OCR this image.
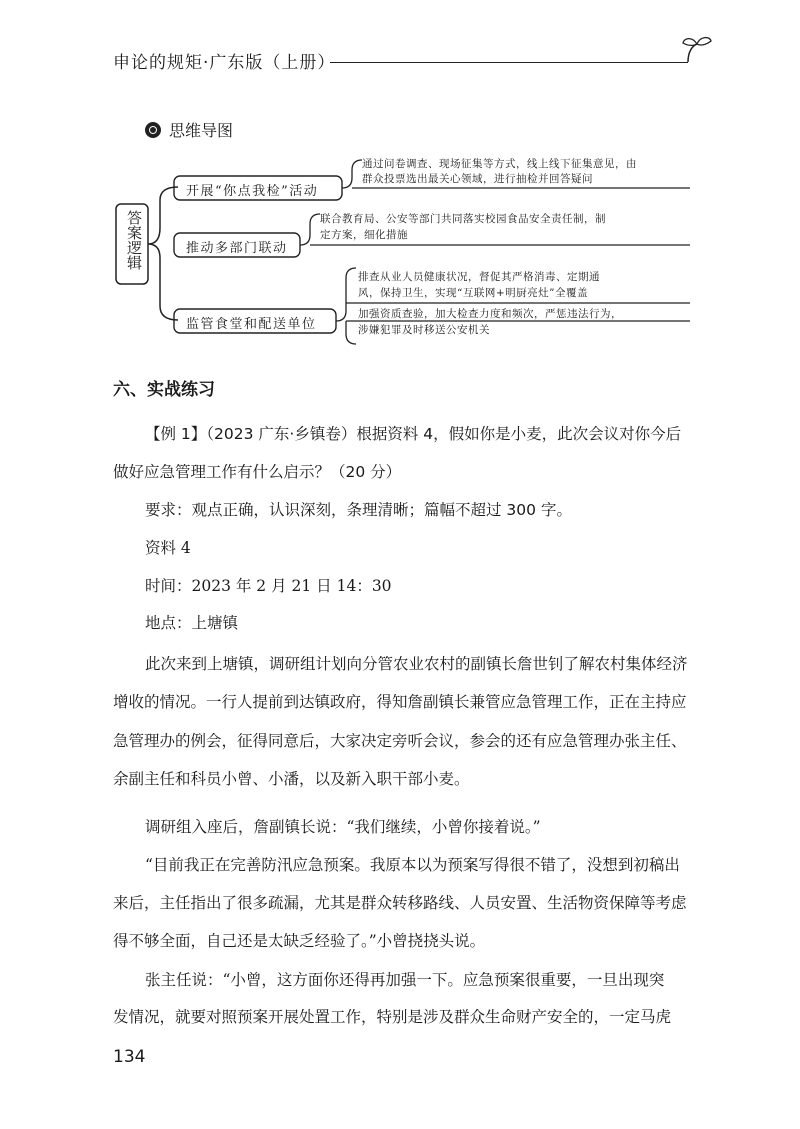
申论的规矩·广东版（上册）
思维导图
答案逻辑
开展“你点我检”活动
通过问卷调查、现场征集等方式，线上线下征集意见，由
群众投票选出最关心领域，进行抽检并回答疑问
推动多部门联动
联合教育局、公安等部门共同落实校园食品安全责任制，制
定方案，细化措施
监管食堂和配送单位
排查从业人员健康状况，督促其严格消毒、定期通
风，保持卫生，实现“互联网+明厨亮灶”全覆盖
加强资质查验，加大检查力度和频次，严惩违法行为，
涉嫌犯罪及时移送公安机关
六、实战练习
【例 1】（2023 广东·乡镇卷）根据资料 4，假如你是小麦，此次会议对你今后
做好应急管理工作有什么启示？（20 分）
要求：观点正确，认识深刻，条理清晰；篇幅不超过 300 字。
资料 4
时间：2023 年 2 月 21 日 14：30
地点：上塘镇
此次来到上塘镇，调研组计划向分管农业农村的副镇长詹世钊了解农村集体经济
增收的情况。一行人提前到达镇政府，得知詹副镇长兼管应急管理工作，正在主持应
急管理办的例会，征得同意后，大家决定旁听会议，参会的还有应急管理办张主任、
余副主任和科员小曾、小潘，以及新入职干部小麦。
调研组入座后，詹副镇长说：“我们继续，小曾你接着说。”
“目前我正在完善防汛应急预案。我原本以为预案写得很不错了，没想到初稿出
来后，主任指出了很多疏漏，尤其是群众转移路线、人员安置、生活物资保障等考虑
得不够全面，自己还是太缺乏经验了。”小曾挠挠头说。
张主任说：“小曾，这方面你还得再加强一下。应急预案很重要，一旦出现突
发情况，就要对照预案开展处置工作，特别是涉及群众生命财产安全的，一定马虎
134
